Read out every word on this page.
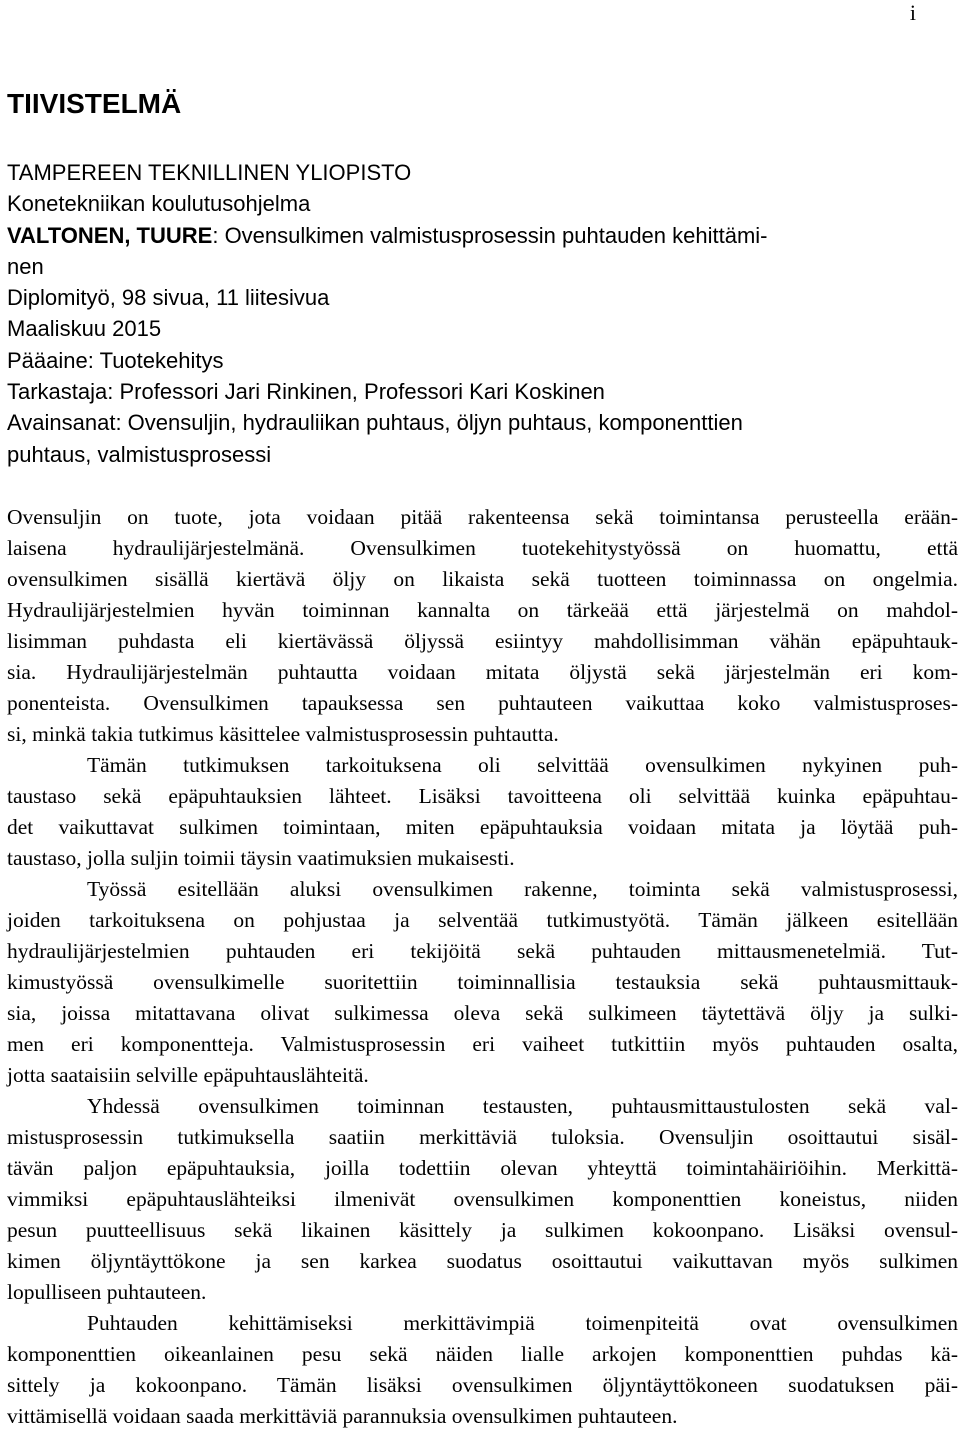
i
TIIVISTELMÄ
TAMPEREEN TEKNILLINEN YLIOPISTO
Konetekniikan koulutusohjelma
VALTONEN, TUURE: Ovensulkimen valmistusprosessin puhtauden kehittämi-
nen
Diplomityö, 98 sivua, 11 liitesivua
Maaliskuu 2015
Pääaine: Tuotekehitys
Tarkastaja: Professori Jari Rinkinen, Professori Kari Koskinen
Avainsanat: Ovensuljin, hydrauliikan puhtaus, öljyn puhtaus, komponenttien
puhtaus, valmistusprosessi
Ovensuljin on tuote, jota voidaan pitää rakenteensa sekä toimintansa perusteella erään-
laisena hydraulijärjestelmänä. Ovensulkimen tuotekehitystyössä on huomattu, että
ovensulkimen sisällä kiertävä öljy on likaista sekä tuotteen toiminnassa on ongelmia.
Hydraulijärjestelmien hyvän toiminnan kannalta on tärkeää että järjestelmä on mahdol-
lisimman puhdasta eli kiertävässä öljyssä esiintyy mahdollisimman vähän epäpuhtauk-
sia. Hydraulijärjestelmän puhtautta voidaan mitata öljystä sekä järjestelmän eri kom-
ponenteista. Ovensulkimen tapauksessa sen puhtauteen vaikuttaa koko valmistusproses-
si, minkä takia tutkimus käsittelee valmistusprosessin puhtautta.
Tämän tutkimuksen tarkoituksena oli selvittää ovensulkimen nykyinen puh-
taustaso sekä epäpuhtauksien lähteet. Lisäksi tavoitteena oli selvittää kuinka epäpuhtau-
det vaikuttavat sulkimen toimintaan, miten epäpuhtauksia voidaan mitata ja löytää puh-
taustaso, jolla suljin toimii täysin vaatimuksien mukaisesti.
Työssä esitellään aluksi ovensulkimen rakenne, toiminta sekä valmistusprosessi,
joiden tarkoituksena on pohjustaa ja selventää tutkimustyötä. Tämän jälkeen esitellään
hydraulijärjestelmien puhtauden eri tekijöitä sekä puhtauden mittausmenetelmiä. Tut-
kimustyössä ovensulkimelle suoritettiin toiminnallisia testauksia sekä puhtausmittauk-
sia, joissa mitattavana olivat sulkimessa oleva sekä sulkimeen täytettävä öljy ja sulki-
men eri komponenttеja. Valmistusprosessin eri vaiheet tutkittiin myös puhtauden osalta,
jotta saataisiin selville epäpuhtauslähteitä.
Yhdessä ovensulkimen toiminnan testausten, puhtausmittaustulosten sekä val-
mistusprosessin tutkimuksella saatiin merkittäviä tuloksia. Ovensuljin osoittautui sisäl-
tävän paljon epäpuhtauksia, joilla todettiin olevan yhteyttä toimintahäiriöihin. Merkittä-
vimmiksi epäpuhtauslähteiksi ilmenivät ovensulkimen komponenttien koneistus, niiden
pesun puutteellisuus sekä likainen käsittely ja sulkimen kokoonpano. Lisäksi ovensul-
kimen öljyntäyttökone ja sen karkea suodatus osoittautui vaikuttavan myös sulkimen
lopulliseen puhtauteen.
Puhtauden kehittämiseksi merkittävimpiä toimenpiteitä ovat ovensulkimen
komponenttien oikeanlainen pesu sekä näiden lialle arkojen komponenttien puhdas kä-
sittely ja kokoonpano. Tämän lisäksi ovensulkimen öljyntäyttökoneen suodatuksen päi-
vittämisellä voidaan saada merkittäviä parannuksia ovensulkimen puhtauteen.
